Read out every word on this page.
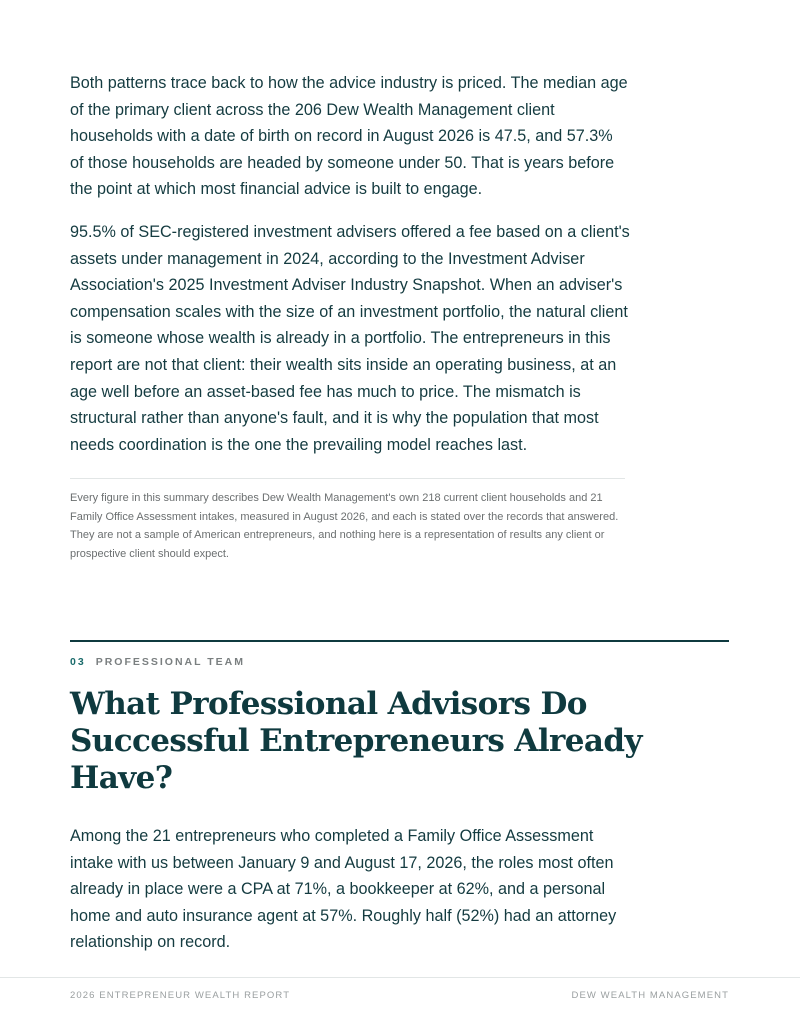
Both patterns trace back to how the advice industry is priced. The median age of the primary client across the 206 Dew Wealth Management client households with a date of birth on record in August 2026 is 47.5, and 57.3% of those households are headed by someone under 50. That is years before the point at which most financial advice is built to engage.

95.5% of SEC-registered investment advisers offered a fee based on a client's assets under management in 2024, according to the Investment Adviser Association's 2025 Investment Adviser Industry Snapshot. When an adviser's compensation scales with the size of an investment portfolio, the natural client is someone whose wealth is already in a portfolio. The entrepreneurs in this report are not that client: their wealth sits inside an operating business, at an age well before an asset-based fee has much to price. The mismatch is structural rather than anyone's fault, and it is why the population that most needs coordination is the one the prevailing model reaches last.

Every figure in this summary describes Dew Wealth Management's own 218 current client households and 21 Family Office Assessment intakes, measured in August 2026, and each is stated over the records that answered. They are not a sample of American entrepreneurs, and nothing here is a representation of results any client or prospective client should expect.

03 PROFESSIONAL TEAM
What Professional Advisors Do Successful Entrepreneurs Already Have?

Among the 21 entrepreneurs who completed a Family Office Assessment intake with us between January 9 and August 17, 2026, the roles most often already in place were a CPA at 71%, a bookkeeper at 62%, and a personal home and auto insurance agent at 57%. Roughly half (52%) had an attorney relationship on record.

2026 ENTREPRENEUR WEALTH REPORT	DEW WEALTH MANAGEMENT
